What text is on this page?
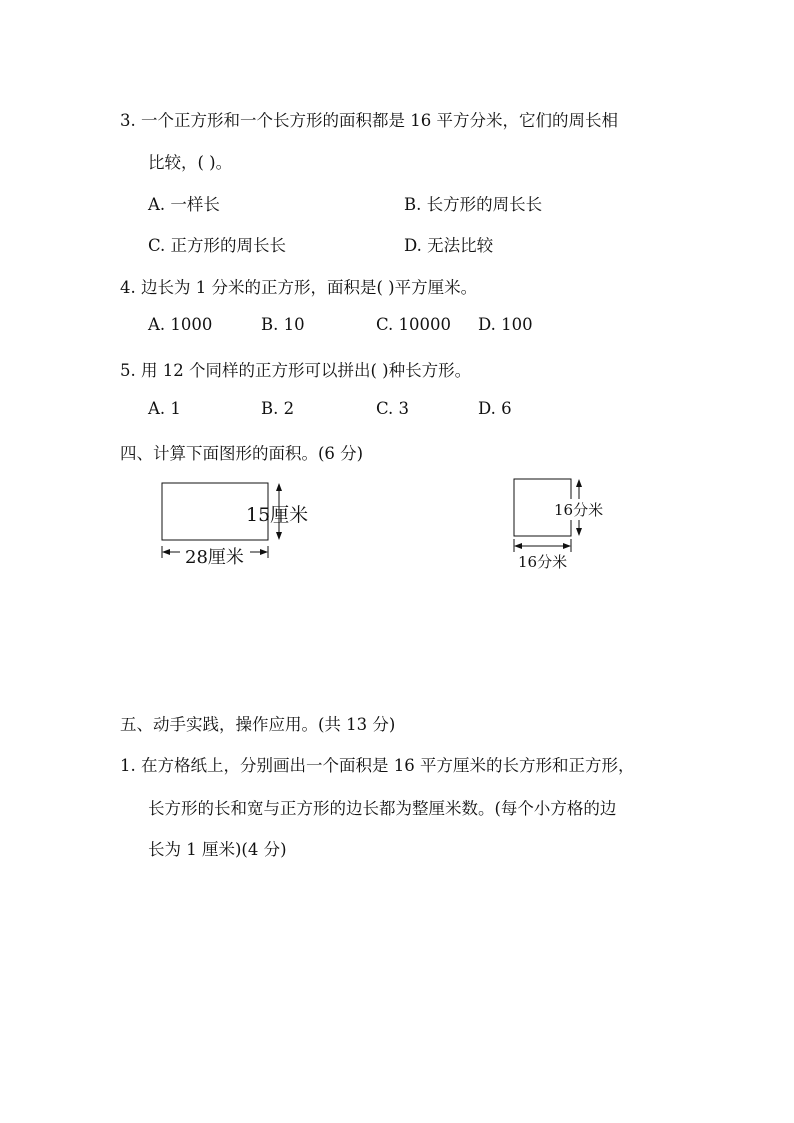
3. 一个正方形和一个长方形的面积都是 16 平方分米，它们的周长相
比较，( )。
A. 一样长	B. 长方形的周长长
C. 正方形的周长长	D. 无法比较
4. 边长为 1 分米的正方形，面积是( )平方厘米。
A. 1000	B. 10	C. 10000 D. 100
5. 用 12 个同样的正方形可以拼出( )种长方形。
A. 1	B. 2	C. 3	D. 6
四、计算下面图形的面积。(6 分)
15厘米
28厘米
16分米
16分米
五、动手实践，操作应用。(共 13 分)
1. 在方格纸上，分别画出一个面积是 16 平方厘米的长方形和正方形，
长方形的长和宽与正方形的边长都为整厘米数。(每个小方格的边
长为 1 厘米)(4 分)
